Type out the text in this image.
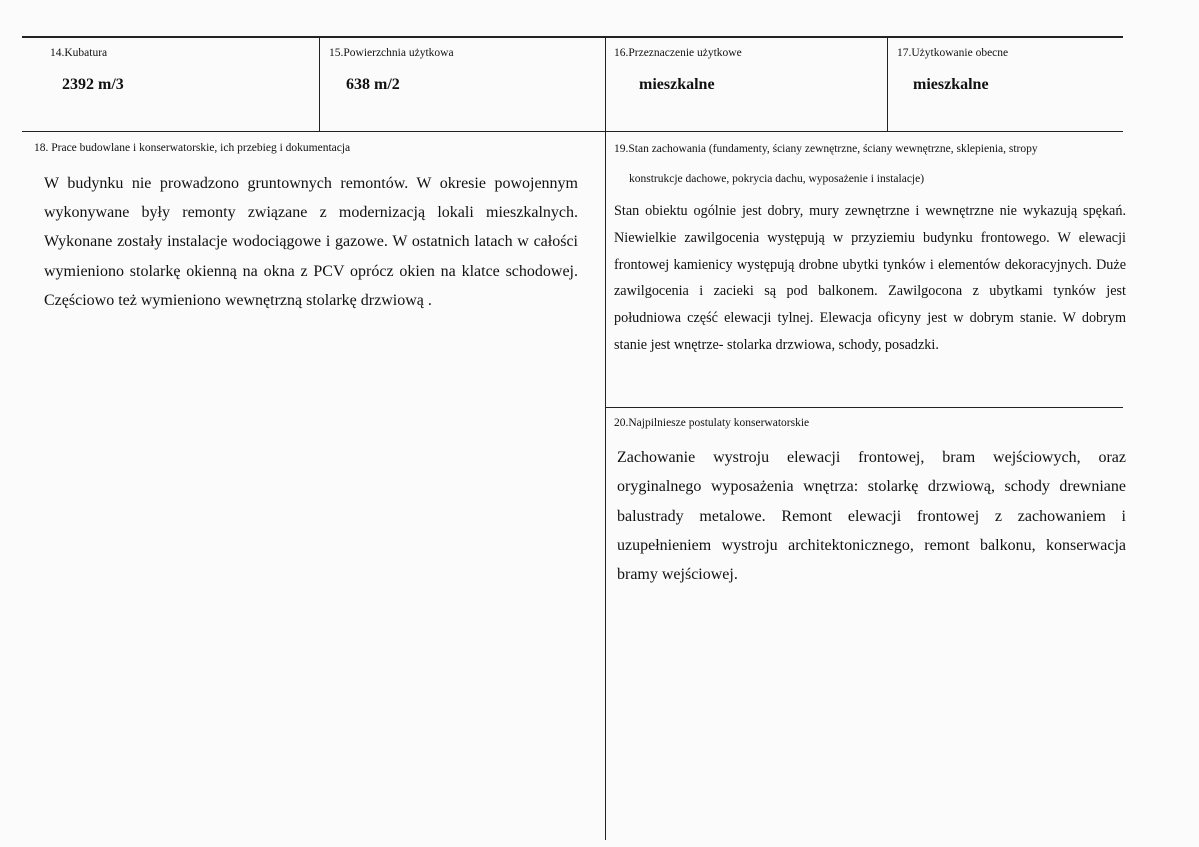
14.Kubatura
2392 m/3
15.Powierzchnia użytkowa
638 m/2
16.Przeznaczenie użytkowe
mieszkalne
17.Użytkowanie obecne
mieszkalne
18. Prace budowlane i konserwatorskie, ich przebieg i dokumentacja

W budynku nie prowadzono gruntownych remontów. W okresie powojennym wykonywane były remonty związane z modernizacją lokali mieszkalnych. Wykonane zostały instalacje wodociągowe i gazowe. W ostatnich latach w całości wymieniono stolarkę okienną na okna z PCV oprócz okien na klatce schodowej. Częściowo też wymieniono wewnętrzną stolarkę drzwiową .

19.Stan zachowania (fundamenty, ściany zewnętrzne, ściany wewnętrzne, sklepienia, stropy
konstrukcje dachowe, pokrycia dachu, wyposażenie i instalacje)

Stan obiektu ogólnie jest dobry, mury zewnętrzne i wewnętrzne nie wykazują spękań. Niewielkie zawilgocenia występują w przyziemiu budynku frontowego. W elewacji frontowej kamienicy występują drobne ubytki tynków i elementów dekoracyjnych. Duże zawilgocenia i zacieki są pod balkonem. Zawilgocona z ubytkami tynków jest południowa część elewacji tylnej. Elewacja oficyny jest w dobrym stanie. W dobrym stanie jest wnętrze- stolarka drzwiowa, schody, posadzki.

20.Najpilniesze postulaty konserwatorskie

Zachowanie wystroju elewacji frontowej, bram wejściowych, oraz oryginalnego wyposażenia wnętrza: stolarkę drzwiową, schody drewniane balustrady metalowe. Remont elewacji frontowej z zachowaniem i uzupełnieniem wystroju architektonicznego, remont balkonu, konserwacja bramy wejściowej.
